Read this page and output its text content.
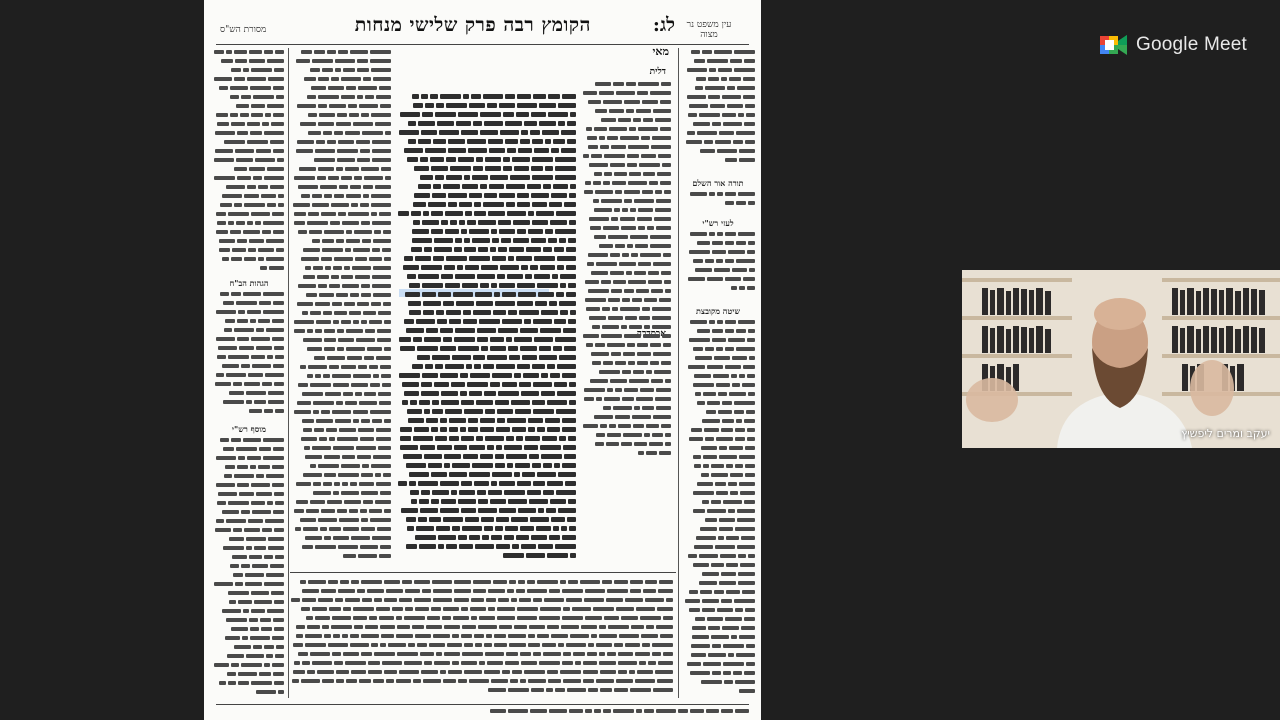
לג:
הקומץ רבה פרק שלישי מנחות	עין משפט נר מצוה
מסורת הש"ס
תורה אור השלם
לעזי רש"י
שיטה מקובצת
הגהות הב"ח
מוסף רש"י
מאי
דלית
Google Meet
יעקב ומרים ליפשיץ
